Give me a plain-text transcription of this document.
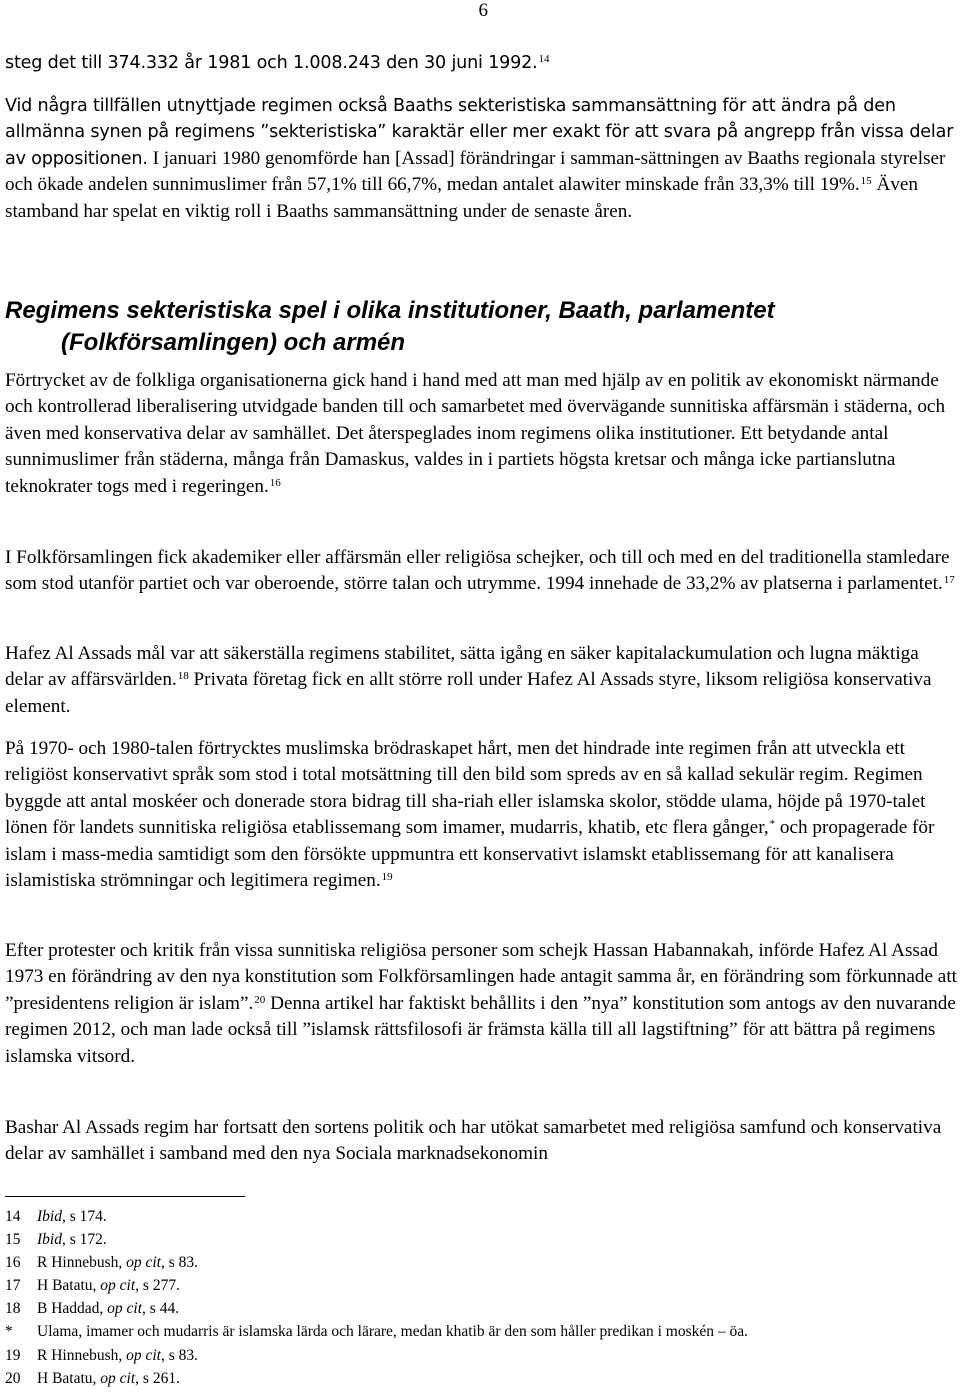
6

steg det till 374.332 år 1981 och 1.008.243 den 30 juni 1992.14

Vid några tillfällen utnyttjade regimen också Baaths sekteristiska sammansättning för att ändra på den allmänna synen på regimens ”sekteristiska” karaktär eller mer exakt för att svara på angrepp från vissa delar av oppositionen. I januari 1980 genomförde han [Assad] förändringar i samman-sättningen av Baaths regionala styrelser och ökade andelen sunnimuslimer från 57,1% till 66,7%, medan antalet alawiter minskade från 33,3% till 19%.$^{15}$ Även stamband har spelat en viktig roll i Baaths sammansättning under de senaste åren.

Regimens sekteristiska spel i olika institutioner, Baath, parlamentet
(Folkförsamlingen) och armén

Förtrycket av de folkliga organisationerna gick hand i hand med att man med hjälp av en politik av ekonomiskt närmande och kontrollerad liberalisering utvidgade banden till och samarbetet med övervägande sunnitiska affärsmän i städerna, och även med konservativa delar av samhället. Det återspeglades inom regimens olika institutioner. Ett betydande antal sunnimuslimer från städerna, många från Damaskus, valdes in i partiets högsta kretsar och många icke partianslutna teknokrater togs med i regeringen.$^{16}$

I Folkförsamlingen fick akademiker eller affärsmän eller religiösa schejker, och till och med en del traditionella stamledare som stod utanför partiet och var oberoende, större talan och utrymme. 1994 innehade de 33,2% av platserna i parlamentet.$^{17}$

Hafez Al Assads mål var att säkerställa regimens stabilitet, sätta igång en säker kapitalackumulation och lugna mäktiga delar av affärsvärlden.$^{18}$ Privata företag fick en allt större roll under Hafez Al Assads styre, liksom religiösa konservativa element.

På 1970- och 1980-talen förtrycktes muslimska brödraskapet hårt, men det hindrade inte regimen från att utveckla ett religiöst konservativt språk som stod i total motsättning till den bild som spreds av en så kallad sekulär regim. Regimen byggde att antal moskéer och donerade stora bidrag till sha-riah eller islamska skolor, stödde ulama, höjde på 1970-talet lönen för landets sunnitiska religiösa etablissemang som imamer, mudarris, khatib, etc flera gånger,* och propagerade för islam i mass-media samtidigt som den försökte uppmuntra ett konservativt islamskt etablissemang för att kanalisera islamistiska strömningar och legitimera regimen.$^{19}$

Efter protester och kritik från vissa sunnitiska religiösa personer som schejk Hassan Habannakah, införde Hafez Al Assad 1973 en förändring av den nya konstitution som Folkförsamlingen hade antagit samma år, en förändring som förkunnade att ”presidentens religion är islam”.$^{20}$ Denna artikel har faktiskt behållits i den ”nya” konstitution som antogs av den nuvarande regimen 2012, och man lade också till ”islamsk rättsfilosofi är främsta källa till all lagstiftning” för att bättra på regimens islamska vitsord.

Bashar Al Assads regim har fortsatt den sortens politik och har utökat samarbetet med religiösa samfund och konservativa delar av samhället i samband med den nya Sociala marknadsekonomin

14 Ibid, s 174.
15 Ibid, s 172.
16 R Hinnebush, op cit, s 83.
17 H Batatu, op cit, s 277.
18 B Haddad, op cit, s 44.
* Ulama, imamer och mudarris är islamska lärda och lärare, medan khatib är den som håller predikan i moskén – öa.
19 R Hinnebush, op cit, s 83.
20 H Batatu, op cit, s 261.
